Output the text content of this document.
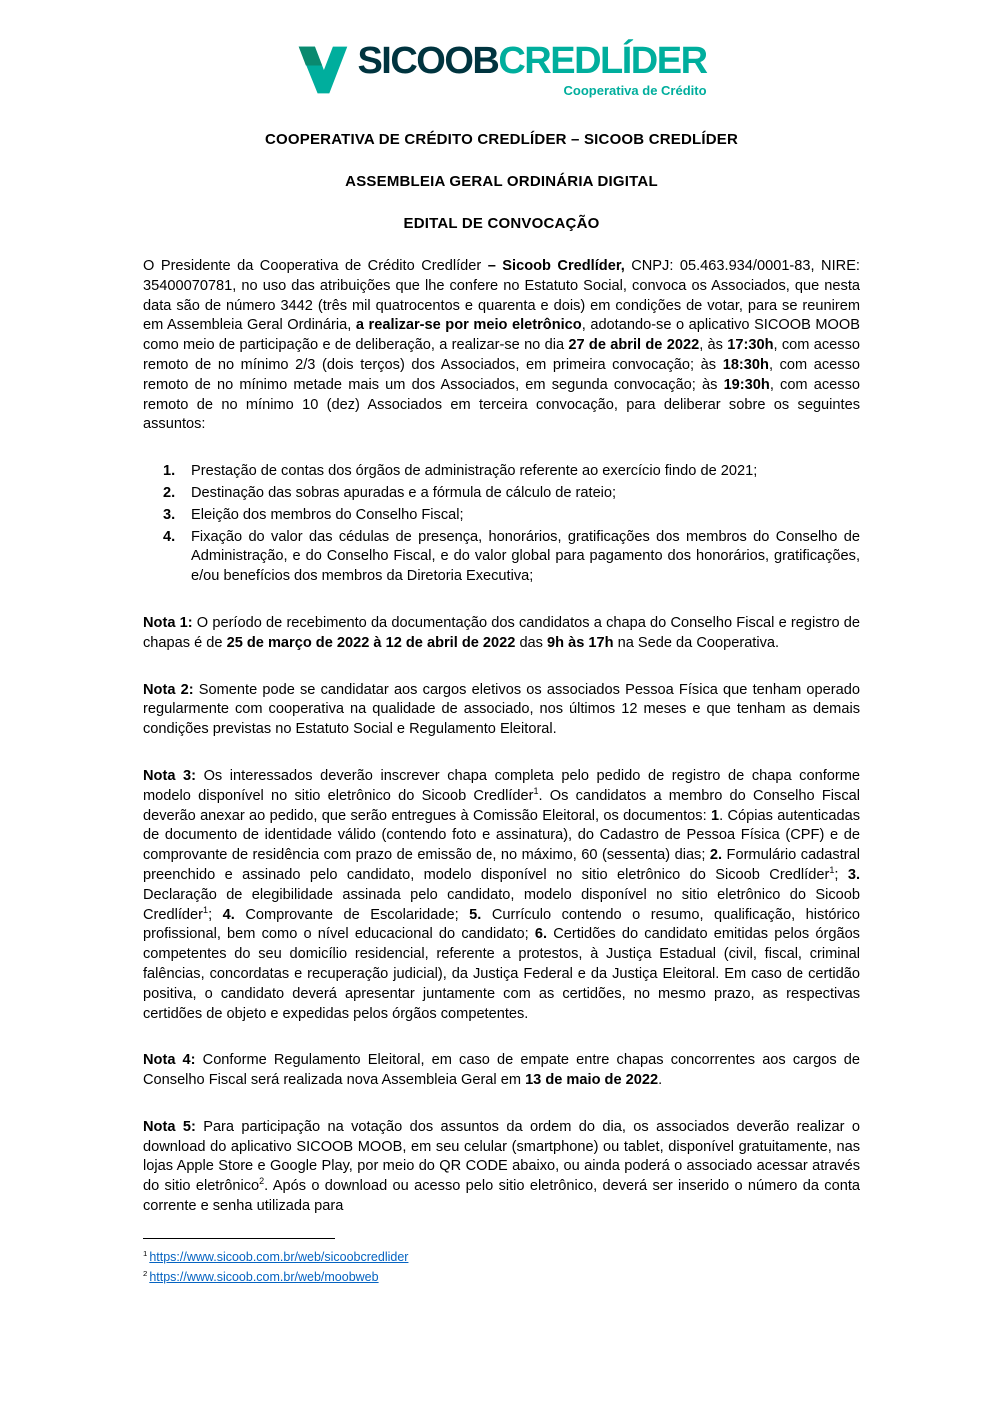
SICOOBCREDLÍDER
Cooperativa de Crédito
COOPERATIVA DE CRÉDITO CREDLÍDER – SICOOB CREDLÍDER
ASSEMBLEIA GERAL ORDINÁRIA DIGITAL
EDITAL DE CONVOCAÇÃO
O Presidente da Cooperativa de Crédito Credlíder – Sicoob Credlíder, CNPJ: 05.463.934/0001-83, NIRE: 35400070781, no uso das atribuições que lhe confere no Estatuto Social, convoca os Associados, que nesta data são de número 3442 (três mil quatrocentos e quarenta e dois) em condições de votar, para se reunirem em Assembleia Geral Ordinária, a realizar-se por meio eletrônico, adotando-se o aplicativo SICOOB MOOB como meio de participação e de deliberação, a realizar-se no dia 27 de abril de 2022, às 17:30h, com acesso remoto de no mínimo 2/3 (dois terços) dos Associados, em primeira convocação; às 18:30h, com acesso remoto de no mínimo metade mais um dos Associados, em segunda convocação; às 19:30h, com acesso remoto de no mínimo 10 (dez) Associados em terceira convocação, para deliberar sobre os seguintes assuntos:
1.	Prestação de contas dos órgãos de administração referente ao exercício findo de 2021;
2.	Destinação das sobras apuradas e a fórmula de cálculo de rateio;
3.	Eleição dos membros do Conselho Fiscal;
4.	Fixação do valor das cédulas de presença, honorários, gratificações dos membros do Conselho de Administração, e do Conselho Fiscal, e do valor global para pagamento dos honorários, gratificações, e/ou benefícios dos membros da Diretoria Executiva;
Nota 1: O período de recebimento da documentação dos candidatos a chapa do Conselho Fiscal e registro de chapas é de 25 de março de 2022 à 12 de abril de 2022 das 9h às 17h na Sede da Cooperativa.
Nota 2: Somente pode se candidatar aos cargos eletivos os associados Pessoa Física que tenham operado regularmente com cooperativa na qualidade de associado, nos últimos 12 meses e que tenham as demais condições previstas no Estatuto Social e Regulamento Eleitoral.
Nota 3: Os interessados deverão inscrever chapa completa pelo pedido de registro de chapa conforme modelo disponível no sitio eletrônico do Sicoob Credlíder$^1$. Os candidatos a membro do Conselho Fiscal deverão anexar ao pedido, que serão entregues à Comissão Eleitoral, os documentos: 1. Cópias autenticadas de documento de identidade válido (contendo foto e assinatura), do Cadastro de Pessoa Física (CPF) e de comprovante de residência com prazo de emissão de, no máximo, 60 (sessenta) dias; 2. Formulário cadastral preenchido e assinado pelo candidato, modelo disponível no sitio eletrônico do Sicoob Credlíder$^1$; 3. Declaração de elegibilidade assinada pelo candidato, modelo disponível no sitio eletrônico do Sicoob Credlíder$^1$; 4. Comprovante de Escolaridade; 5. Currículo contendo o resumo, qualificação, histórico profissional, bem como o nível educacional do candidato; 6. Certidões do candidato emitidas pelos órgãos competentes do seu domicílio residencial, referente a protestos, à Justiça Estadual (civil, fiscal, criminal falências, concordatas e recuperação judicial), da Justiça Federal e da Justiça Eleitoral. Em caso de certidão positiva, o candidato deverá apresentar juntamente com as certidões, no mesmo prazo, as respectivas certidões de objeto e expedidas pelos órgãos competentes.
Nota 4: Conforme Regulamento Eleitoral, em caso de empate entre chapas concorrentes aos cargos de Conselho Fiscal será realizada nova Assembleia Geral em 13 de maio de 2022.
Nota 5: Para participação na votação dos assuntos da ordem do dia, os associados deverão realizar o download do aplicativo SICOOB MOOB, em seu celular (smartphone) ou tablet, disponível gratuitamente, nas lojas Apple Store e Google Play, por meio do QR CODE abaixo, ou ainda poderá o associado acessar através do sitio eletrônico$^2$. Após o download ou acesso pelo sitio eletrônico, deverá ser inserido o número da conta corrente e senha utilizada para
$^1$ https://www.sicoob.com.br/web/sicoobcredlider
$^2$ https://www.sicoob.com.br/web/moobweb
